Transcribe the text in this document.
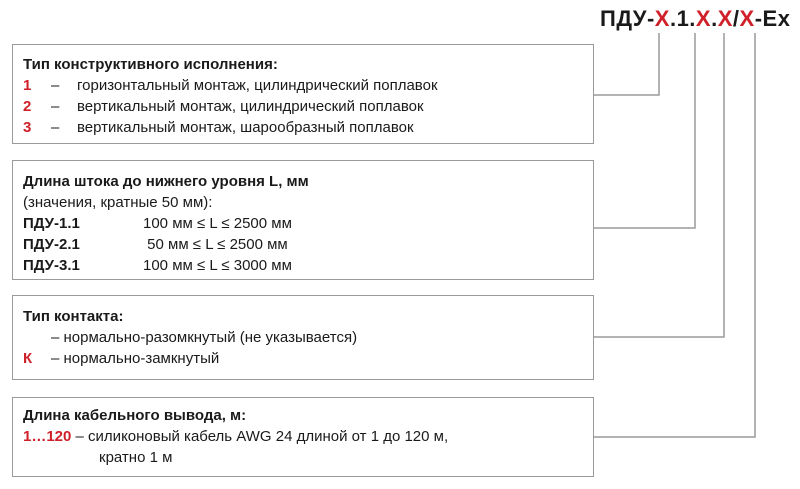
ПДУ-X.1.X.X/X-Ex
Тип конструктивного исполнения:
1 – горизонтальный монтаж, цилиндрический поплавок
2 – вертикальный монтаж, цилиндрический поплавок
3 – вертикальный монтаж, шарообразный поплавок
Длина штока до нижнего уровня L, мм
(значения, кратные 50 мм):
ПДУ-1.1	100 мм ≤ L ≤ 2500 мм
ПДУ-2.1	50 мм ≤ L ≤ 2500 мм
ПДУ-3.1	100 мм ≤ L ≤ 3000 мм
Тип контакта:
– нормально-разомкнутый (не указывается)
К – нормально-замкнутый
Длина кабельного вывода, м:
1…120 – силиконовый кабель AWG 24 длиной от 1 до 120 м,
кратно 1 м
